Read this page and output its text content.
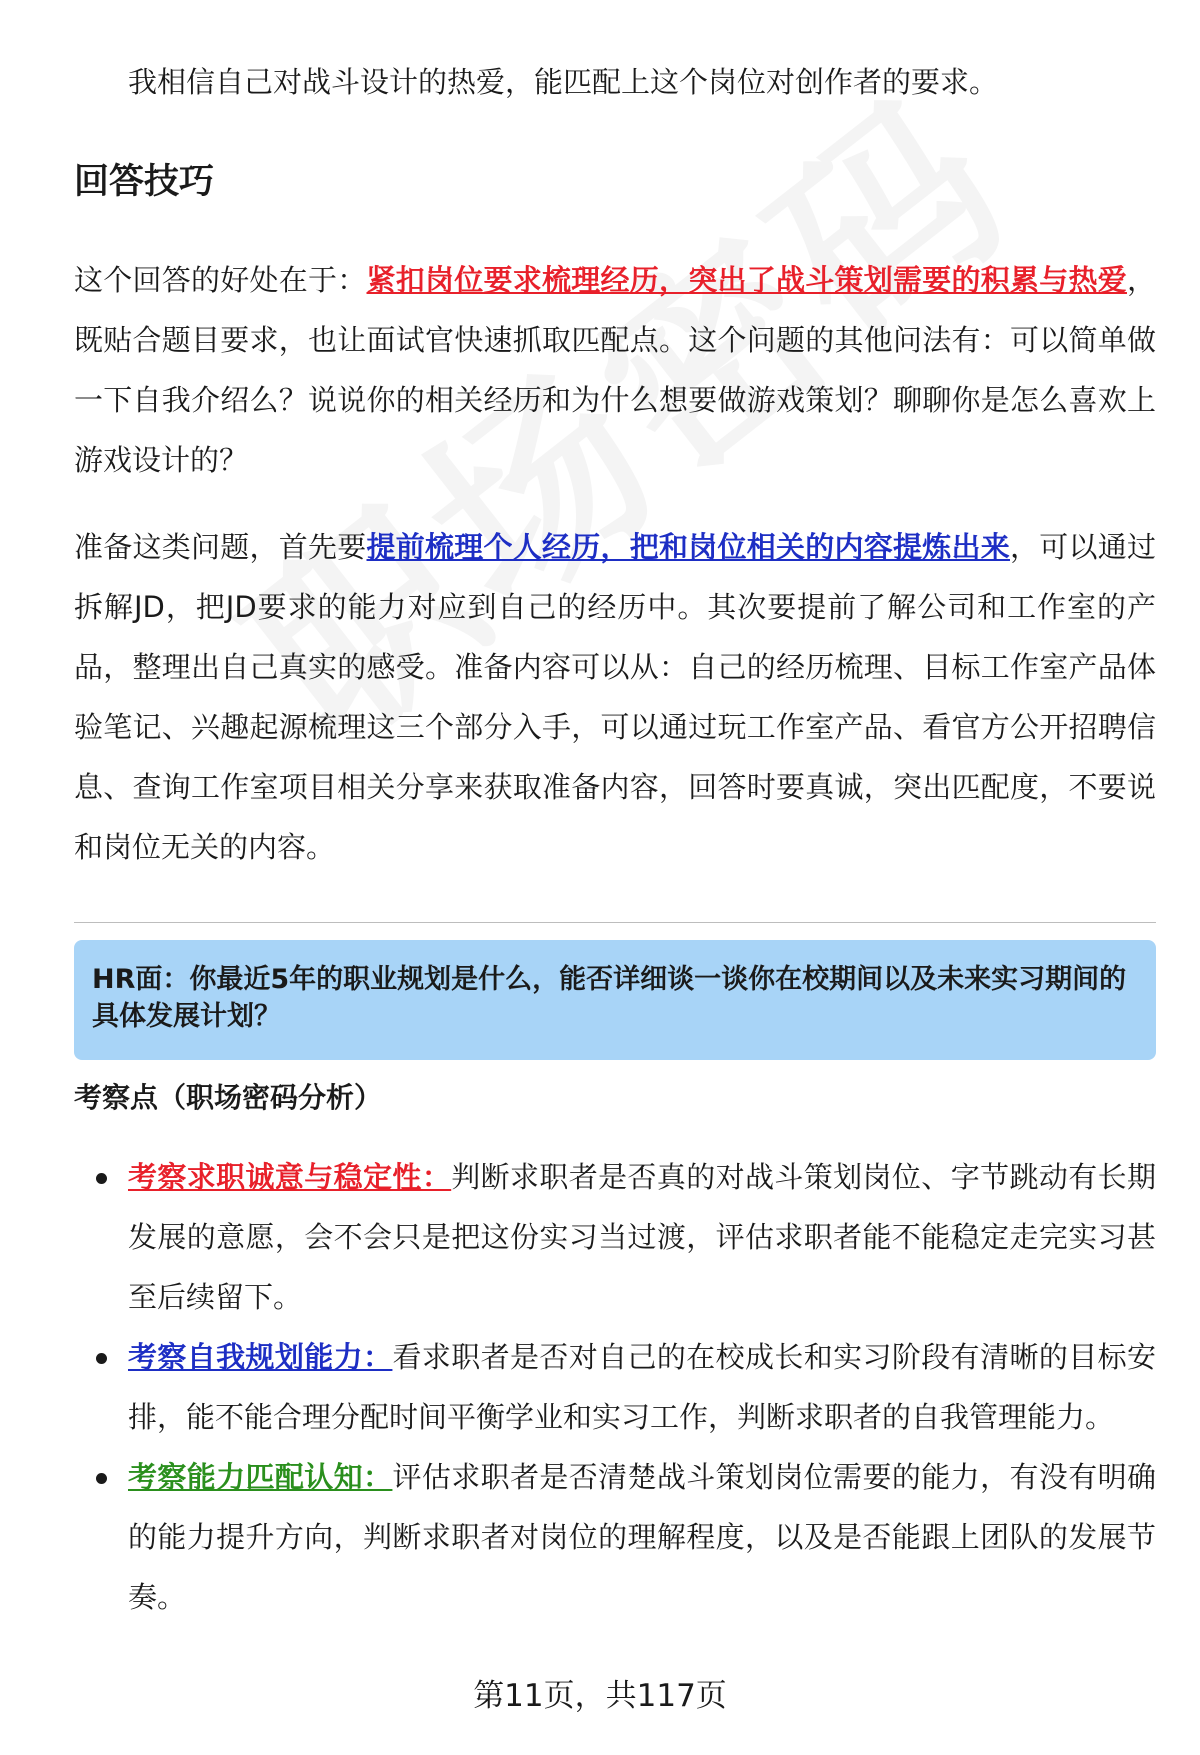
我相信自己对战斗设计的热爱，能匹配上这个岗位对创作者的要求。

回答技巧

这个回答的好处在于：紧扣岗位要求梳理经历，突出了战斗策划需要的积累与热爱，既贴合题目要求，也让面试官快速抓取匹配点。这个问题的其他问法有：可以简单做一下自我介绍么？说说你的相关经历和为什么想要做游戏策划？聊聊你是怎么喜欢上游戏设计的？

准备这类问题，首先要提前梳理个人经历，把和岗位相关的内容提炼出来，可以通过拆解JD，把JD要求的能力对应到自己的经历中。其次要提前了解公司和工作室的产品，整理出自己真实的感受。准备内容可以从：自己的经历梳理、目标工作室产品体验笔记、兴趣起源梳理这三个部分入手，可以通过玩工作室产品、看官方公开招聘信息、查询工作室项目相关分享来获取准备内容，回答时要真诚，突出匹配度，不要说和岗位无关的内容。

HR面：你最近5年的职业规划是什么，能否详细谈一谈你在校期间以及未来实习期间的具体发展计划？

考察点（职场密码分析）
考察求职诚意与稳定性：判断求职者是否真的对战斗策划岗位、字节跳动有长期发展的意愿，会不会只是把这份实习当过渡，评估求职者能不能稳定走完实习甚至后续留下。
考察自我规划能力：看求职者是否对自己的在校成长和实习阶段有清晰的目标安排，能不能合理分配时间平衡学业和实习工作，判断求职者的自我管理能力。
考察能力匹配认知：评估求职者是否清楚战斗策划岗位需要的能力，有没有明确的能力提升方向，判断求职者对岗位的理解程度，以及是否能跟上团队的发展节奏。

第11页，共117页
